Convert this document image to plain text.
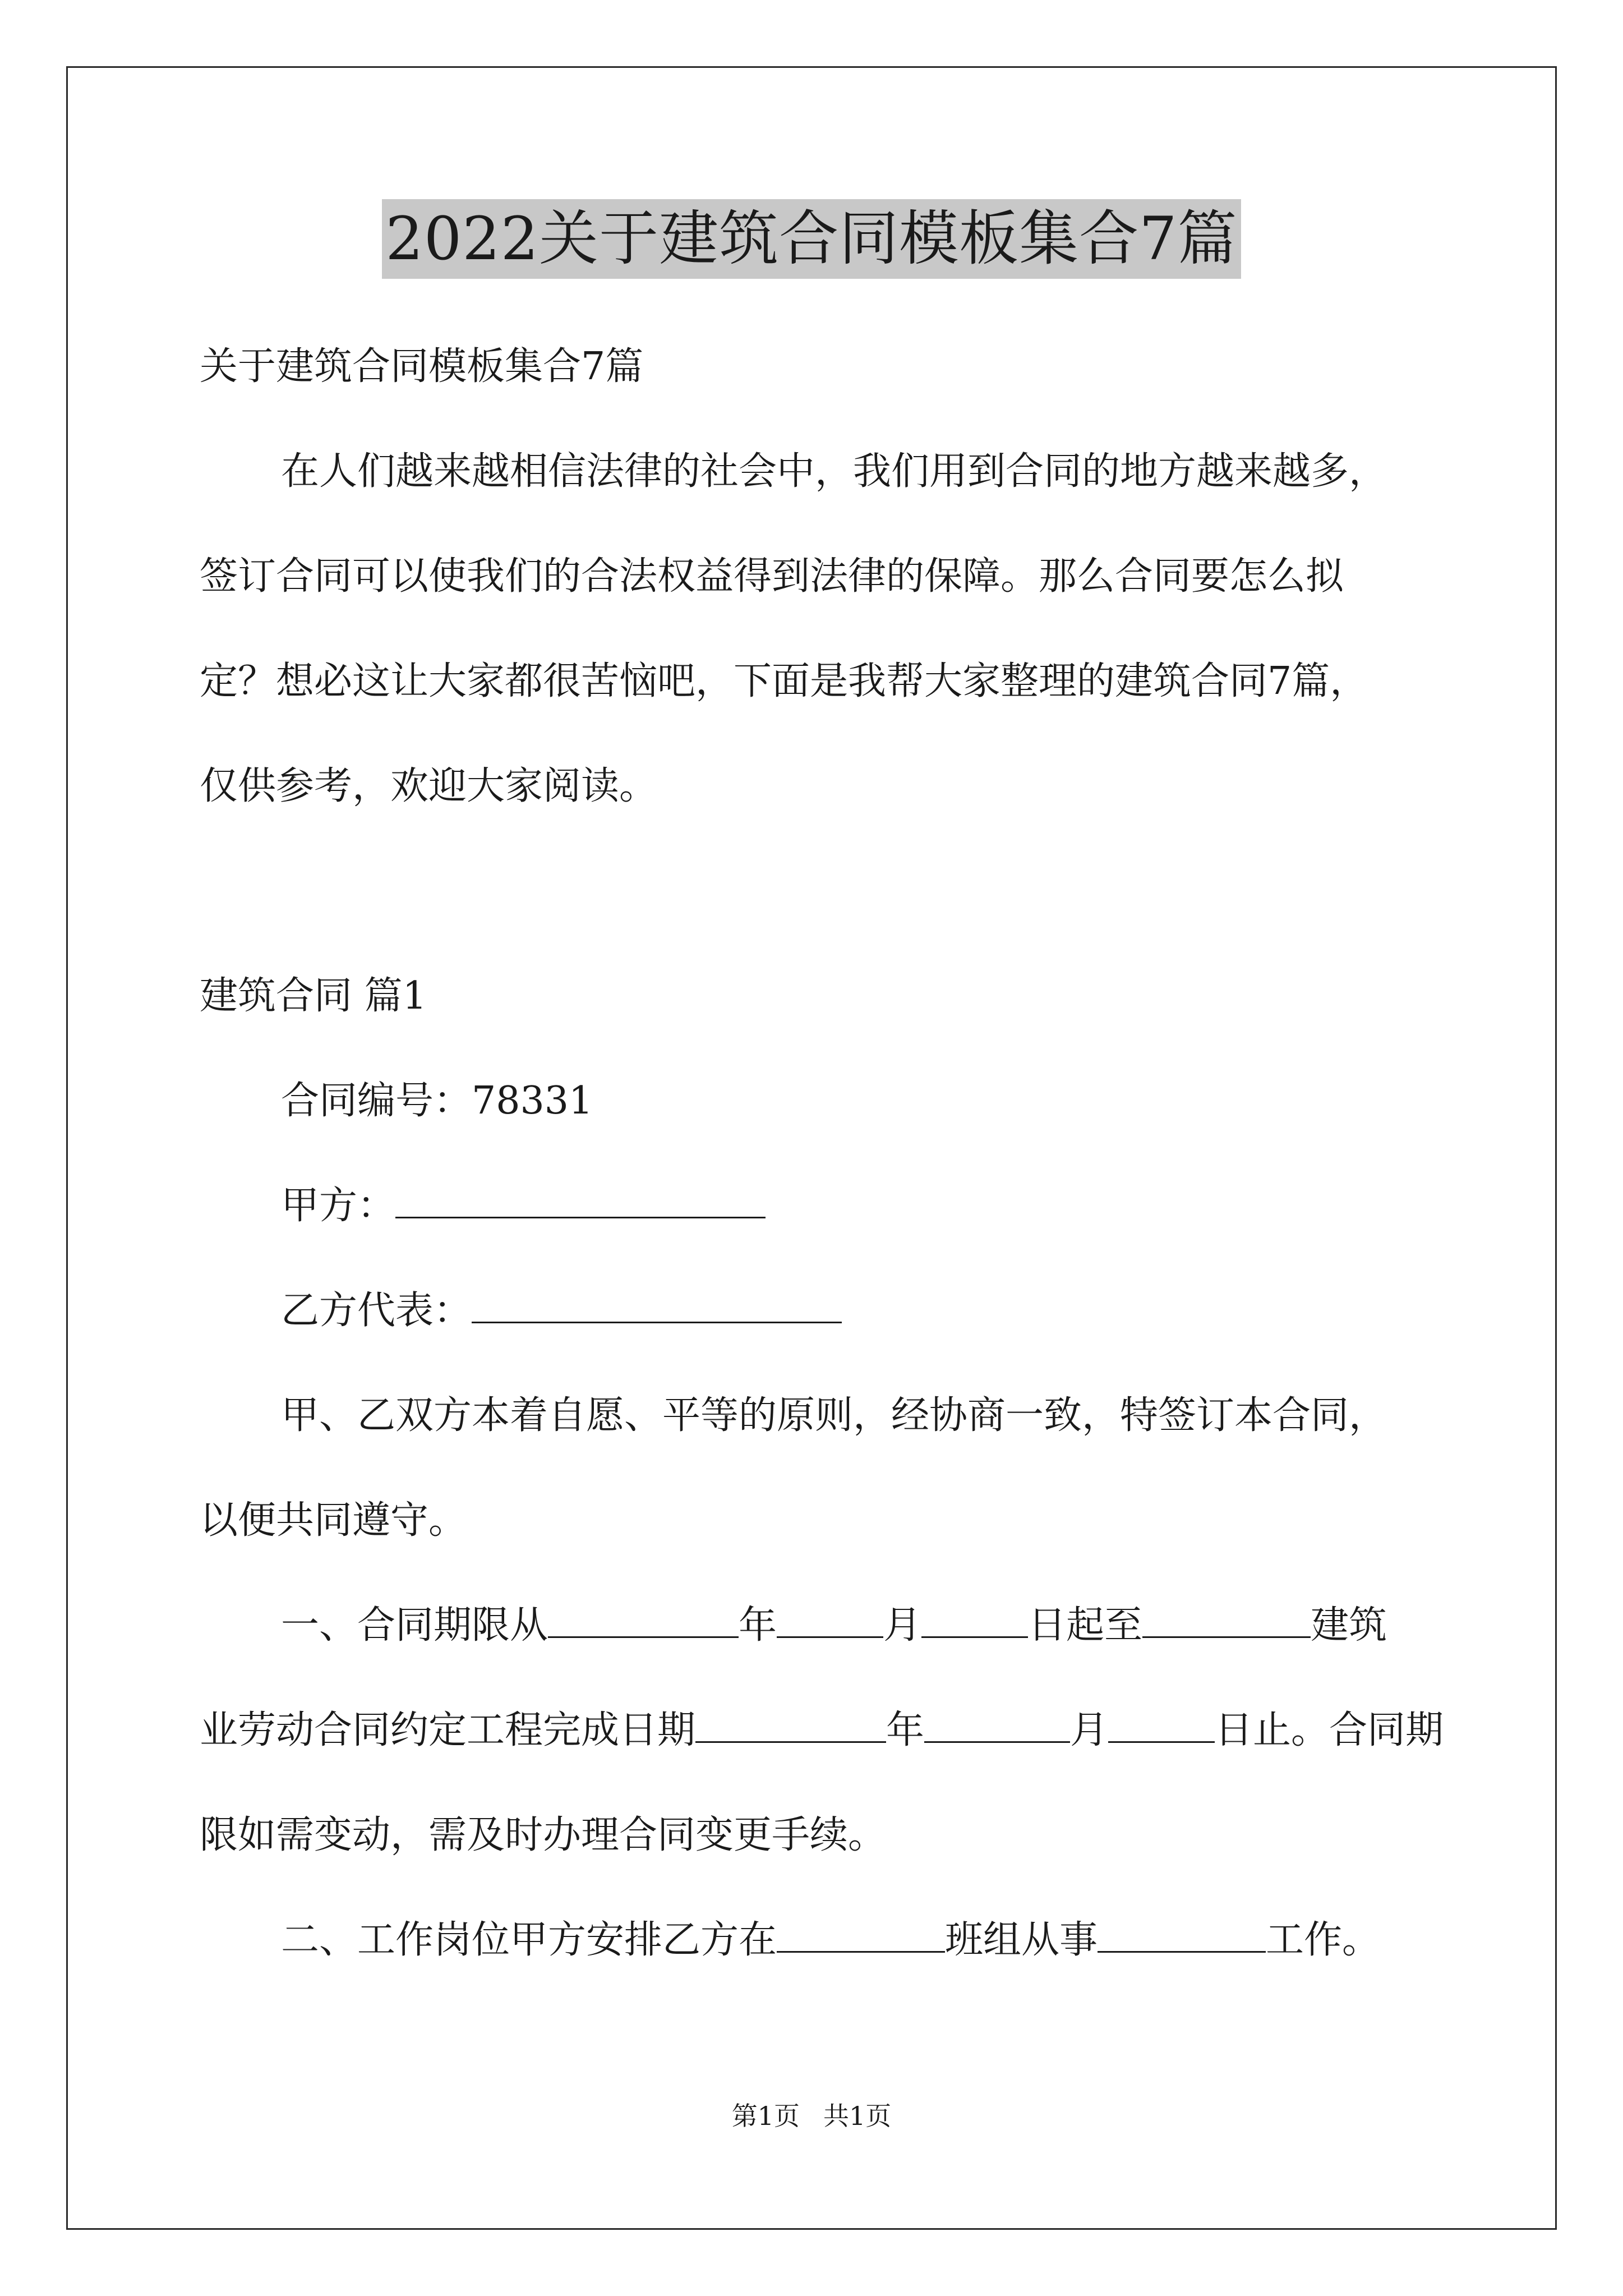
2022关于建筑合同模板集合7篇
关于建筑合同模板集合7篇
在人们越来越相信法律的社会中，我们用到合同的地方越来越多，
签订合同可以使我们的合法权益得到法律的保障。那么合同要怎么拟
定？想必这让大家都很苦恼吧，下面是我帮大家整理的建筑合同7篇，
仅供参考，欢迎大家阅读。
建筑合同 篇1
合同编号：78331
甲方：
乙方代表：
甲、乙双方本着自愿、平等的原则，经协商一致，特签订本合同，
以便共同遵守。
一、合同期限从	年	月	日起至	建筑
业劳动合同约定工程完成日期	年	月	日止。合同期
限如需变动，需及时办理合同变更手续。
二、工作岗位甲方安排乙方在	班组从事	工作。
第1页 共1页
